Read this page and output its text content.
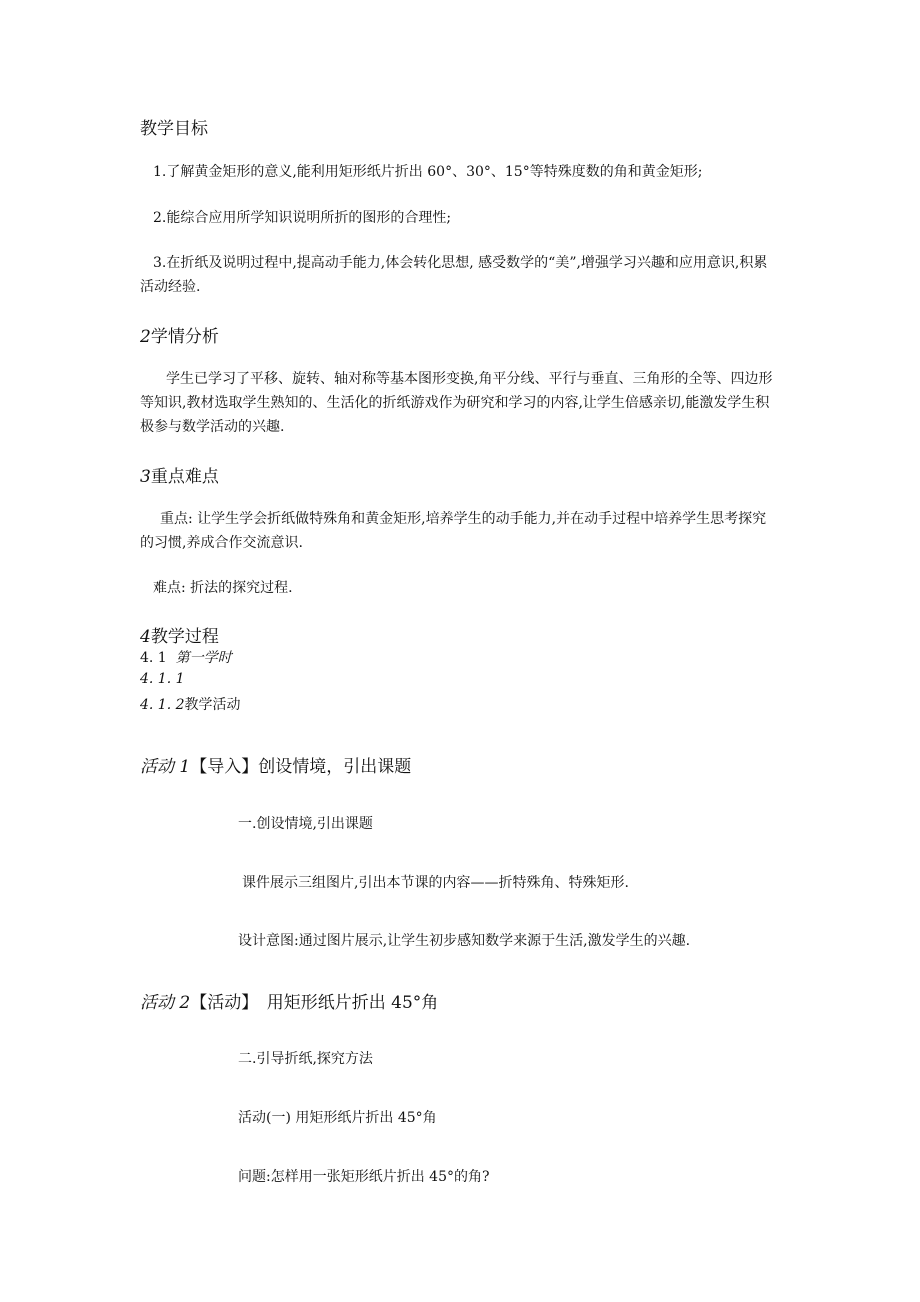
教学目标

1.了解黄金矩形的意义,能利用矩形纸片折出 60°、30°、15°等特殊度数的角和黄金矩形;

2.能综合应用所学知识说明所折的图形的合理性;

3.在折纸及说明过程中,提高动手能力,体会转化思想, 感受数学的“美”,增强学习兴趣和应用意识,积累活动经验.

2学情分析

学生已学习了平移、旋转、轴对称等基本图形变换,角平分线、平行与垂直、三角形的全等、四边形等知识,教材选取学生熟知的、生活化的折纸游戏作为研究和学习的内容,让学生倍感亲切,能激发学生积极参与数学活动的兴趣.

3重点难点

重点: 让学生学会折纸做特殊角和黄金矩形,培养学生的动手能力,并在动手过程中培养学生思考探究的习惯,养成合作交流意识.

难点: 折法的探究过程.

4教学过程

4. 1 第一学时

4. 1. 1

4. 1. 2教学活动

活动 1【导入】创设情境，引出课题

一.创设情境,引出课题

课件展示三组图片,引出本节课的内容——折特殊角、特殊矩形.

设计意图:通过图片展示,让学生初步感知数学来源于生活,激发学生的兴趣.

活动 2【活动】　用矩形纸片折出 45°角

二.引导折纸,探究方法

活动(一) 用矩形纸片折出 45°角

问题:怎样用一张矩形纸片折出 45°的角?
